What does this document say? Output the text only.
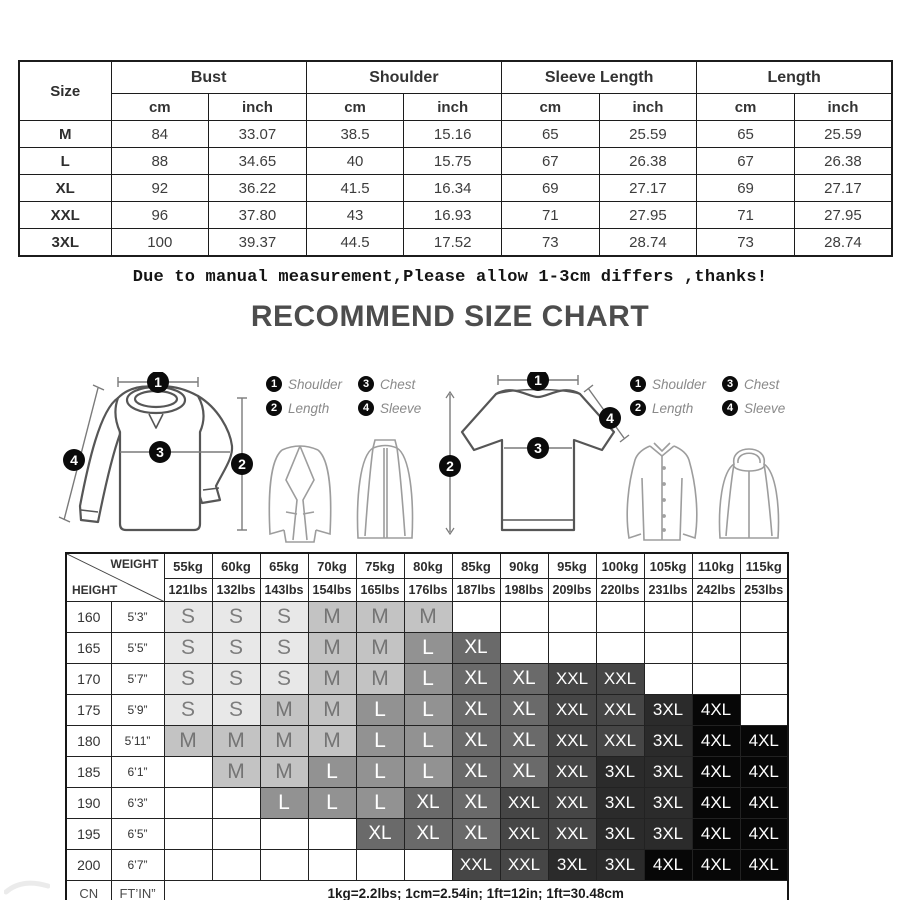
Size	Bust		Shoulder		Sleeve Length		Length	
	cm	inch	cm	inch	cm	inch	cm	inch
M	84	33.07	38.5	15.16	65	25.59	65	25.59
L	88	34.65	40	15.75	67	26.38	67	26.38
XL	92	36.22	41.5	16.34	69	27.17	69	27.17
XXL	96	37.80	43	16.93	71	27.95	71	27.95
3XL	100	39.37	44.5	17.52	73	28.74	73	28.74
Due to manual measurement,Please allow 1-3cm differs ,thanks!
RECOMMEND SIZE CHART
1
2
3
4
1 Shoulder	3 Chest
2 Length	4 Sleeve
1
2
3
4
1 Shoulder	3 Chest
2 Length	4 Sleeve
WEIGHT
HEIGHT		55kg	60kg	65kg	70kg	75kg	80kg	85kg	90kg	95kg	100kg	105kg	110kg	115kg
		121lbs	132lbs	143lbs	154lbs	165lbs	176lbs	187lbs	198lbs	209lbs	220lbs	231lbs	242lbs	253lbs
160	5’3”	S	S	S	M	M	M							
165	5’5”	S	S	S	M	M	L	XL						
170	5’7”	S	S	S	M	M	L	XL	XL	XXL	XXL			
175	5’9”	S	S	M	M	L	L	XL	XL	XXL	XXL	3XL	4XL	
180	5’11”	M	M	M	M	L	L	XL	XL	XXL	XXL	3XL	4XL	4XL
185	6’1”		M	M	L	L	L	XL	XL	XXL	3XL	3XL	4XL	4XL
190	6’3”			L	L	L	XL	XL	XXL	XXL	3XL	3XL	4XL	4XL
195	6’5”					XL	XL	XL	XXL	XXL	3XL	3XL	4XL	4XL
200	6’7”							XXL	XXL	3XL	3XL	4XL	4XL	4XL
CN	FT’IN”	1kg=2.2lbs; 1cm=2.54in; 1ft=12in; 1ft=30.48cm												
